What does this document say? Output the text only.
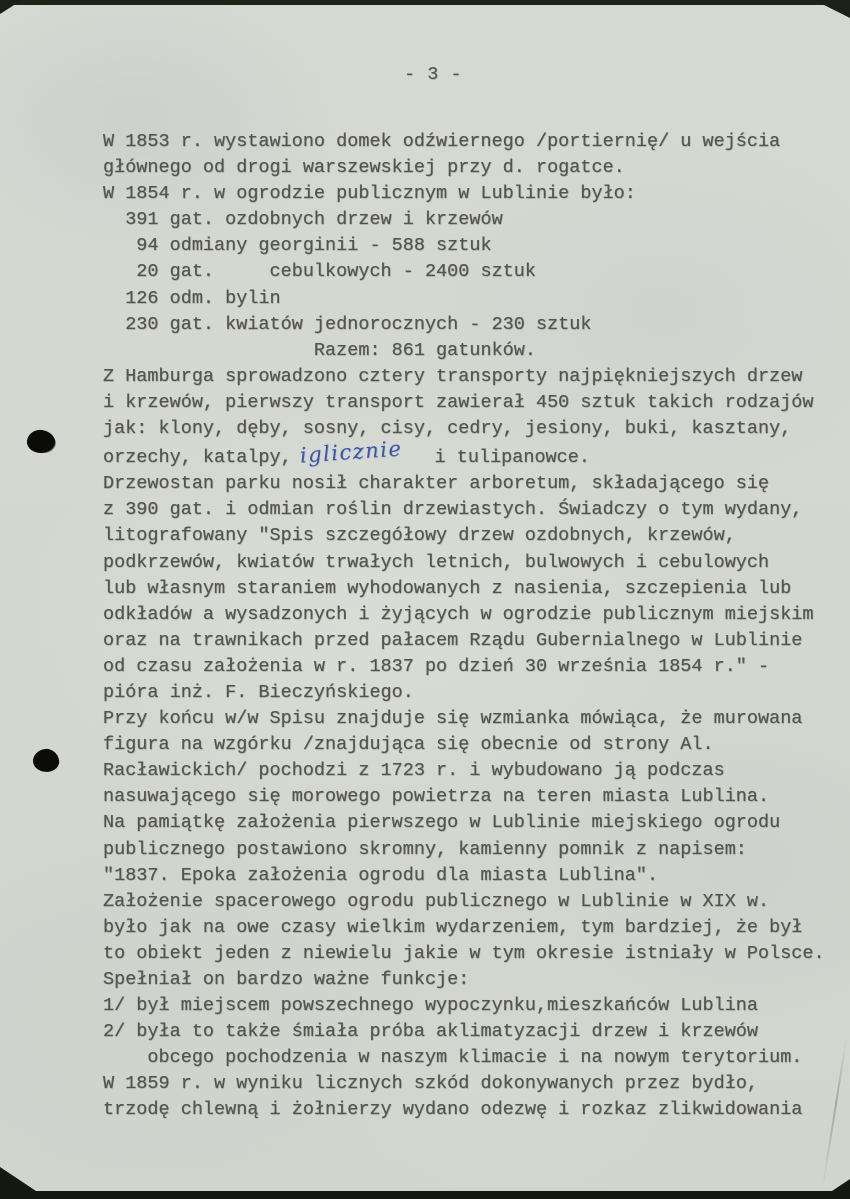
- 3 -
W 1853 r. wystawiono domek odźwiernego /portiernię/ u wejścia
głównego od drogi warszewskiej przy d. rogatce.
W 1854 r. w ogrodzie publicznym w Lublinie było:
391 gat. ozdobnych drzew i krzewów
94 odmiany georginii - 588 sztuk
20 gat.     cebulkowych - 2400 sztuk
126 odm. bylin
230 gat. kwiatów jednorocznych - 230 sztuk
Razem: 861 gatunków.
Z Hamburga sprowadzono cztery transporty najpiękniejszych drzew
i krzewów, pierwszy transport zawierał 450 sztuk takich rodzajów
jak: klony, dęby, sosny, cisy, cedry, jesiony, buki, kasztany,
orzechy, katalpy, iglicznie  i tulipanowce.
Drzewostan parku nosił charakter arboretum, składającego się
z 390 gat. i odmian roślin drzewiastych. Świadczy o tym wydany,
litografowany "Spis szczegółowy drzew ozdobnych, krzewów,
podkrzewów, kwiatów trwałych letnich, bulwowych i cebulowych
lub własnym staraniem wyhodowanych z nasienia, szczepienia lub
odkładów a wysadzonych i żyjących w ogrodzie publicznym miejskim
oraz na trawnikach przed pałacem Rządu Gubernialnego w Lublinie
od czasu założenia w r. 1837 po dzień 30 września 1854 r." -
pióra inż. F. Bieczyńskiego.
Przy końcu w/w Spisu znajduje się wzmianka mówiąca, że murowana
figura na wzgórku /znajdująca się obecnie od strony Al.
Racławickich/ pochodzi z 1723 r. i wybudowano ją podczas
nasuwającego się morowego powietrza na teren miasta Lublina.
Na pamiątkę założenia pierwszego w Lublinie miejskiego ogrodu
publicznego postawiono skromny, kamienny pomnik z napisem:
"1837. Epoka założenia ogrodu dla miasta Lublina".
Założenie spacerowego ogrodu publicznego w Lublinie w XIX w.
było jak na owe czasy wielkim wydarzeniem, tym bardziej, że był
to obiekt jeden z niewielu jakie w tym okresie istniały w Polsce.
Spełniał on bardzo ważne funkcje:
1/ był miejscem powszechnego wypoczynku,mieszkańców Lublina
2/ była to także śmiała próba aklimatyzacji drzew i krzewów
obcego pochodzenia w naszym klimacie i na nowym terytorium.
W 1859 r. w wyniku licznych szkód dokonywanych przez bydło,
trzodę chlewną i żołnierzy wydano odezwę i rozkaz zlikwidowania
